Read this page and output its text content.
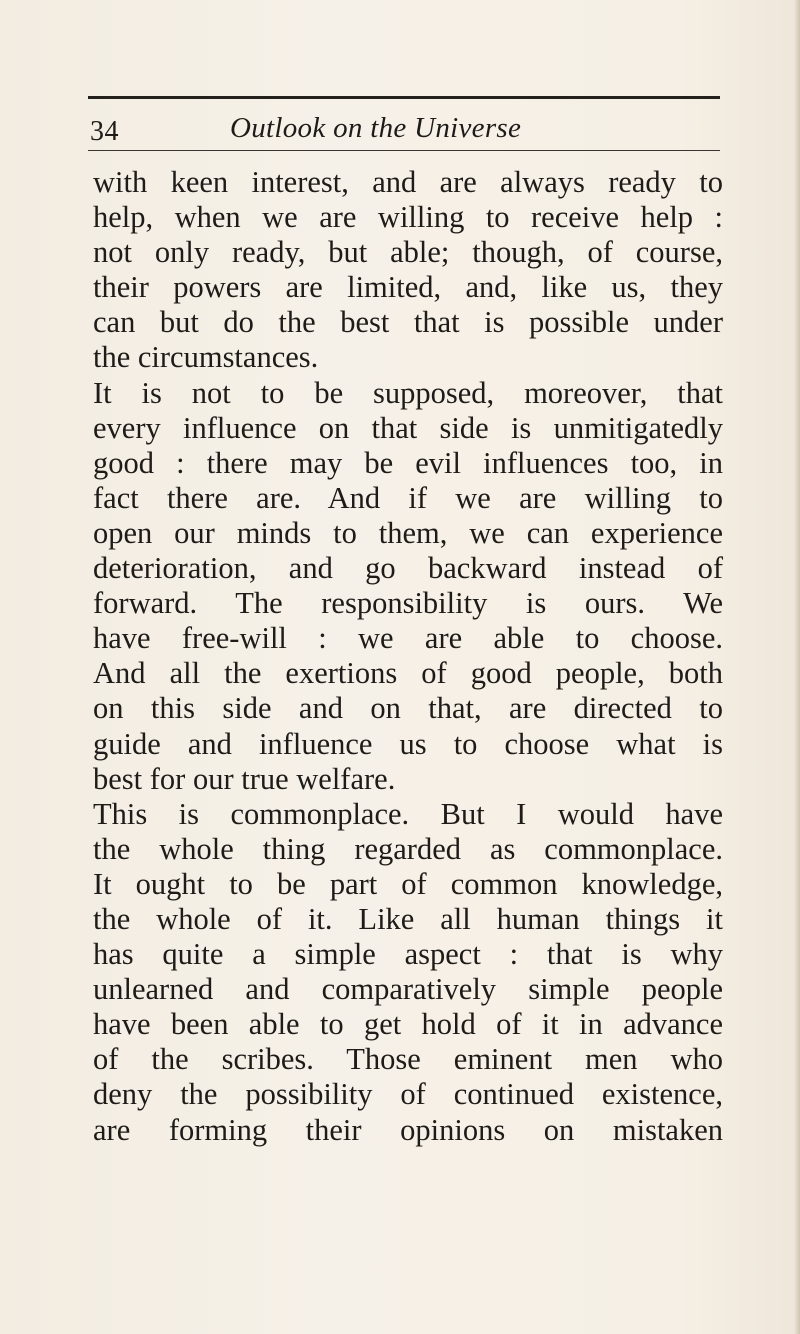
34	Outlook on the Universe
with keen interest, and are always ready to
help, when we are willing to receive help :
not only ready, but able; though, of course,
their powers are limited, and, like us, they
can but do the best that is possible under
the circumstances.
It is not to be supposed, moreover, that
every influence on that side is unmitigatedly
good : there may be evil influences too, in
fact there are. And if we are willing to
open our minds to them, we can experience
deterioration, and go backward instead of
forward. The responsibility is ours. We
have free-will : we are able to choose.
And all the exertions of good people, both
on this side and on that, are directed to
guide and influence us to choose what is
best for our true welfare.
This is commonplace. But I would have
the whole thing regarded as commonplace.
It ought to be part of common knowledge,
the whole of it. Like all human things it
has quite a simple aspect : that is why
unlearned and comparatively simple people
have been able to get hold of it in advance
of the scribes. Those eminent men who
deny the possibility of continued existence,
are forming their opinions on mistaken
